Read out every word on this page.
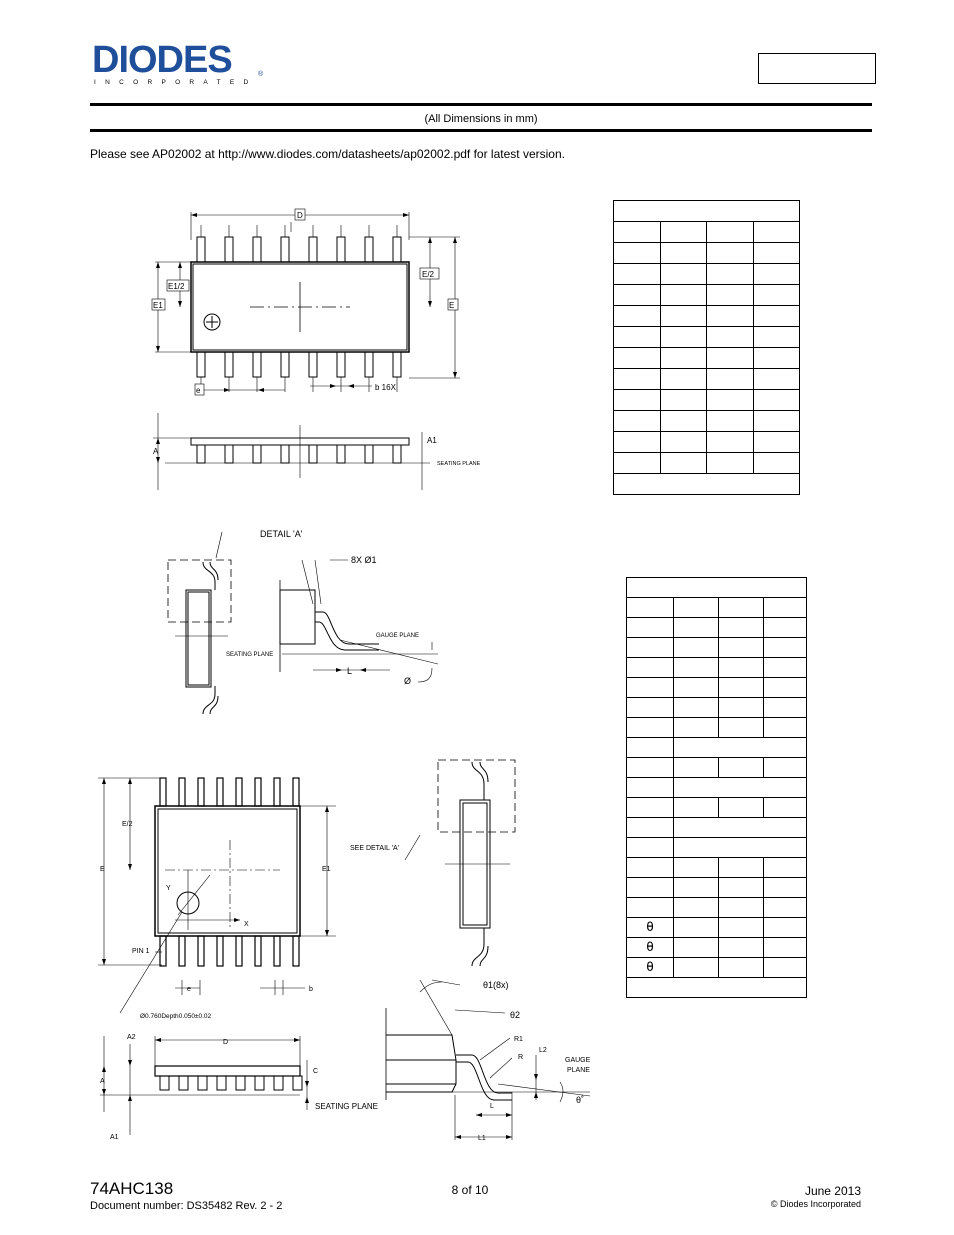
DIODES	®
INCORPORATED
(All Dimensions in mm)
Please see AP02002 at http://www.diodes.com/datasheets/ap02002.pdf for latest version.
D
E1/2
E1
E/2
E
e	b 16X
A
A1
SEATING PLANE
DETAIL 'A'
8X Ø1
GAUGE PLANE
SEATING PLANE
L
Ø
Y
X
E
E/2
E1
PIN 1
e	b
Ø0.760Depth0.050±0.02
SEE DETAIL 'A'
A
A2
A1
D
C
SEATING PLANE
θ1(8x)
θ2
R1
R
L2
GAUGE
PLANE
L
L1
θ˚

θ			
θ			
θ			

74AHC138
Document number: DS35482 Rev. 2 - 2
8 of 10	June 2013
© Diodes Incorporated
